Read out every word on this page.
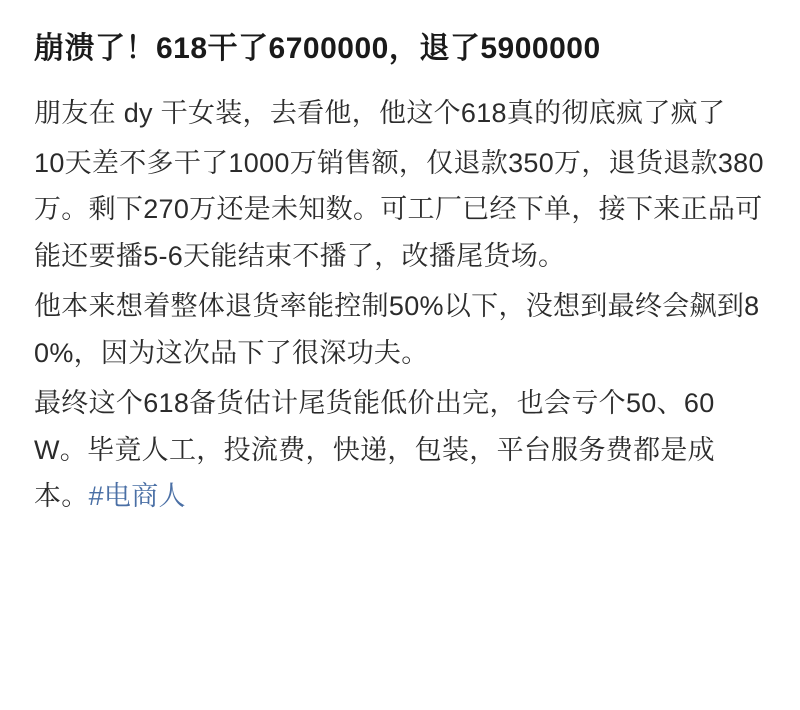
崩溃了！618干了6700000，退了5900000

朋友在 dy 干女装，去看他，他这个618真的彻底疯了疯了

10天差不多干了1000万销售额，仅退款350万，退货退款380万。剩下270万还是未知数。可工厂已经下单，接下来正品可能还要播5-6天能结束不播了，改播尾货场。

他本来想着整体退货率能控制50%以下，没想到最终会飙到80%，因为这次品下了很深功夫。

最终这个618备货估计尾货能低价出完，也会亏个50、60W。毕竟人工，投流费，快递，包装，平台服务费都是成本。#电商人
